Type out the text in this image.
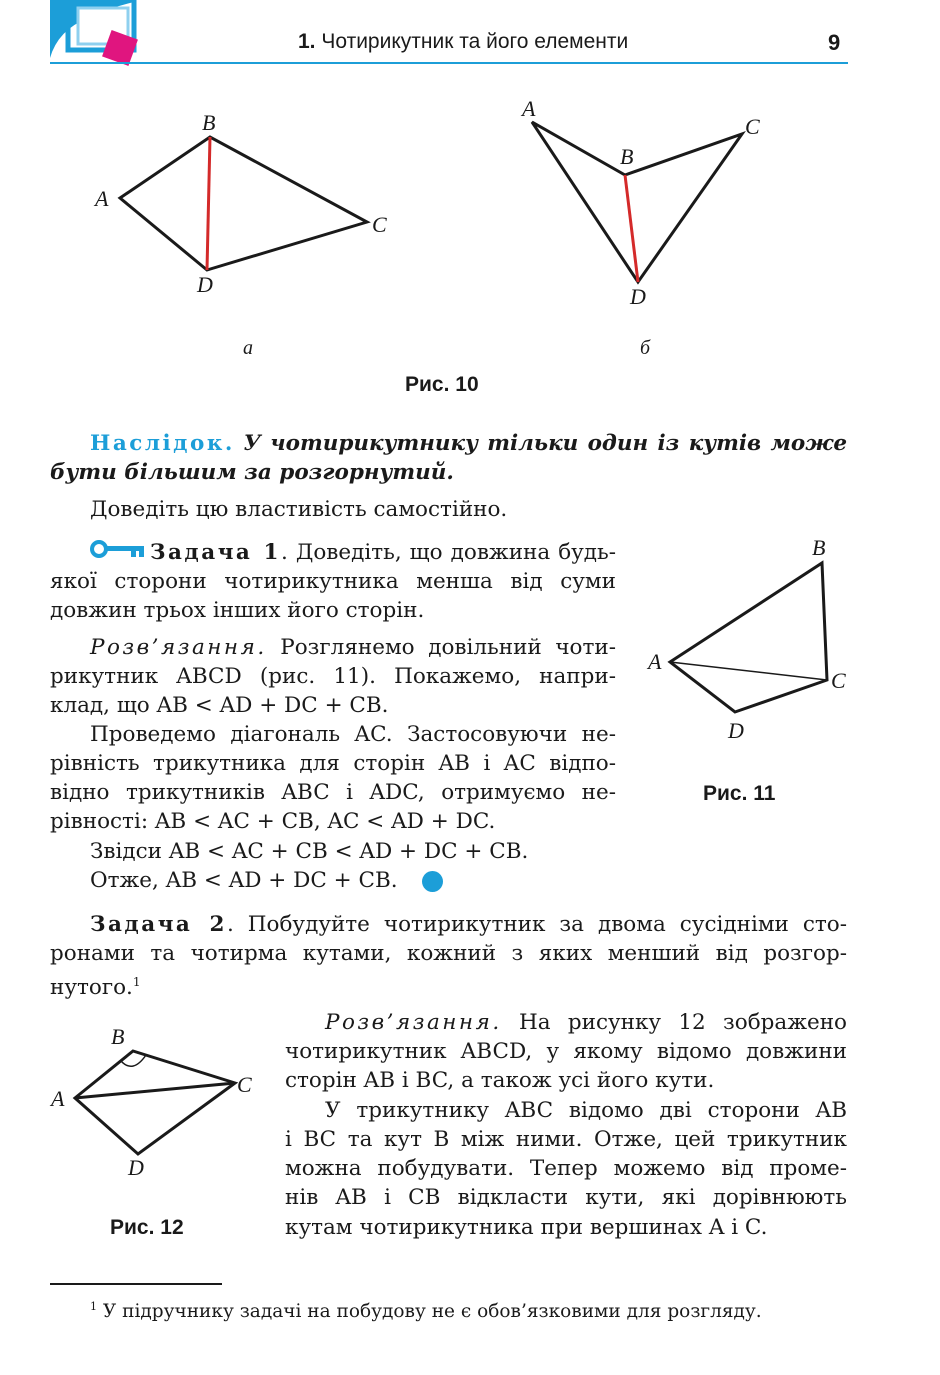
1. Чотирикутник та його елементи	9
A
B
C
D
A
B
C
D
а	б
Рис. 10

Наслідок. У чотирикутнику тільки один із кутів може

бути більшим за розгорнутий.

Доведіть цю властивість самостійно.

Задача 1. Доведіть, що довжина будь-

якої сторони чотирикутника менша від суми

довжин трьох інших його сторін.

Розв’язання. Розглянемо довільний чоти-

рикутник ABCD (рис. 11). Покажемо, напри-

клад, що AB < AD + DC + CB.

Проведемо діагональ AC. Застосовуючи не-

рівність трикутника для сторін AB і AC відпо-

відно трикутників ABC і ADC, отримуємо не-

рівності: AB < AC + CB, AC < AD + DC.

Звідси AB < AC + CB < AD + DC + CB.

Отже, AB < AD + DC + CB.

A
B
C
D
Рис. 11

Задача 2. Побудуйте чотирикутник за двома сусідніми сто-

ронами та чотирма кутами, кожний з яких менший від розгор-

нутого.$^1$

A
B
C
D
Рис. 12

Розв’язання. На рисунку 12 зображено

чотирикутник ABCD, у якому відомо довжини

сторін AB і BC, а також усі його кути.

У трикутнику ABC відомо дві сторони AB

і BC та кут B між ними. Отже, цей трикутник

можна побудувати. Тепер можемо від проме-

нів AB і CB відкласти кути, які дорівнюють

кутам чотирикутника при вершинах A і C.

$^1$ У підручнику задачі на побудову не є обов’язковими для розгляду.
